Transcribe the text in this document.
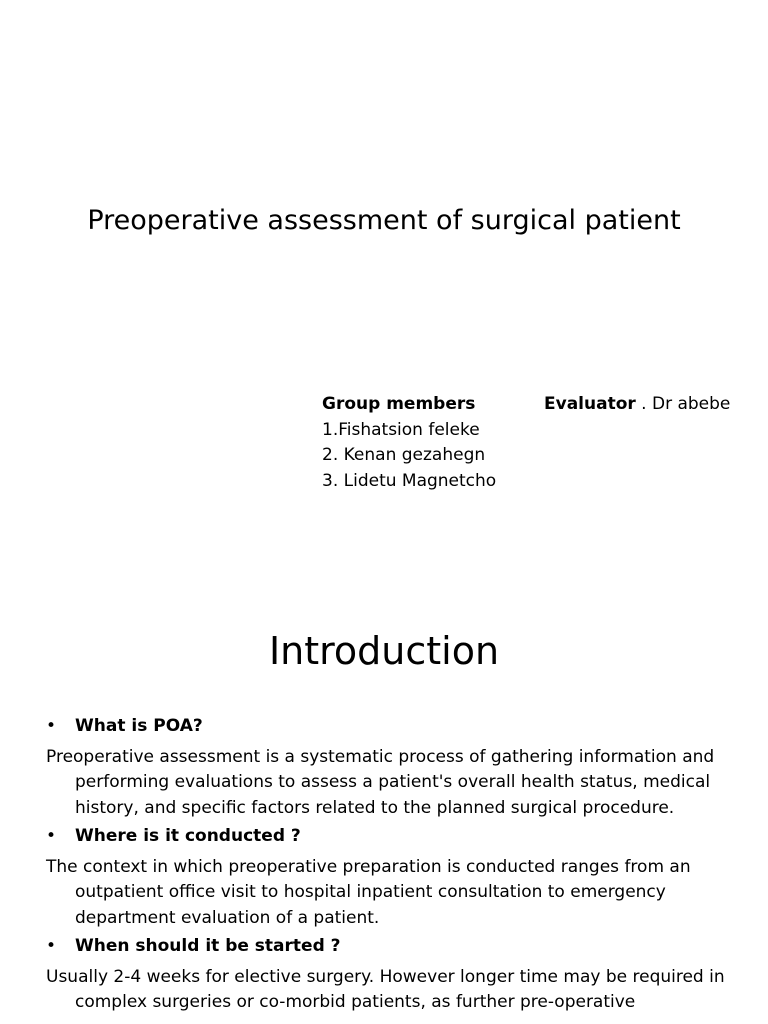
Preoperative assessment of surgical patient
Group members
1.Fishatsion feleke
2. Kenan gezahegn
3. Lidetu Magnetcho
Evaluator . Dr abebe
Introduction
• What is POA?
Preoperative assessment is a systematic process of gathering information and performing evaluations to assess a patient's overall health status, medical history, and specific factors related to the planned surgical procedure.
• Where is it conducted ?
The context in which preoperative preparation is conducted ranges from an outpatient office visit to hospital inpatient consultation to emergency department evaluation of a patient.
• When should it be started ?
Usually 2-4 weeks for elective surgery. However longer time may be required in complex surgeries or co-morbid patients, as further pre-operative
